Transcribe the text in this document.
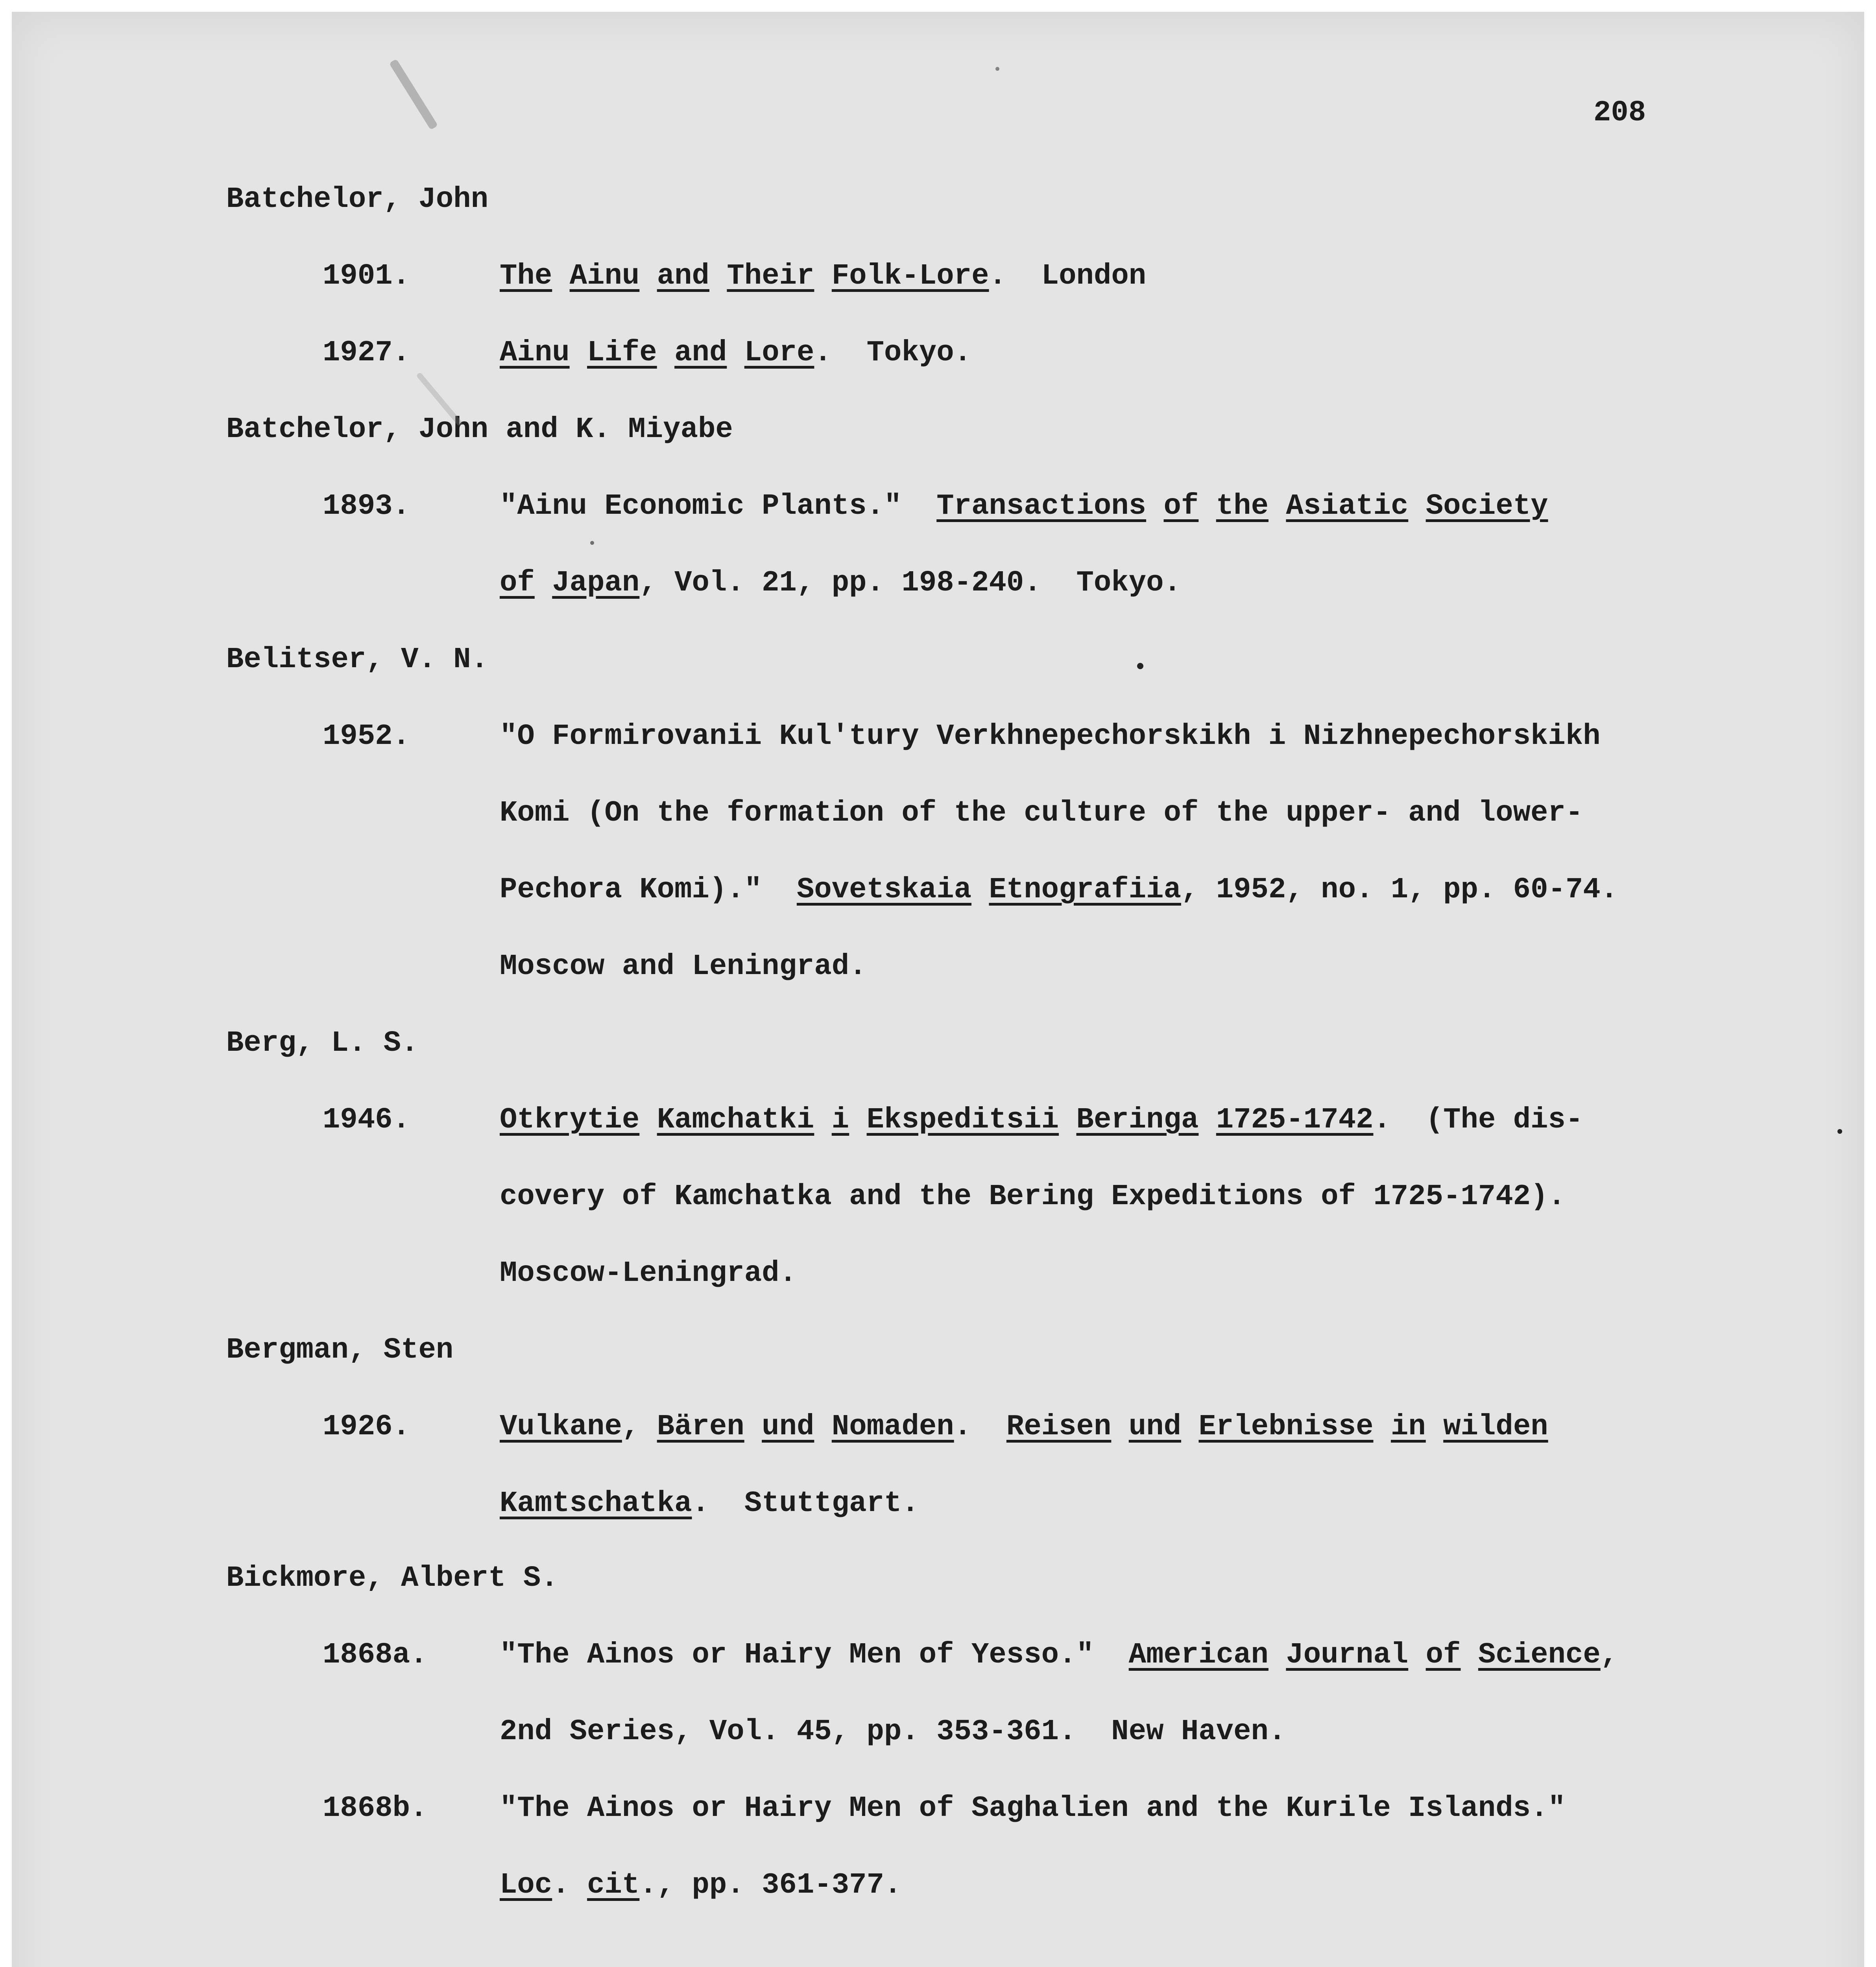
208
Batchelor, John
1901.	The Ainu and Their Folk-Lore.  London
1927.	Ainu Life and Lore.  Tokyo.
Batchelor, John and K. Miyabe
1893.	"Ainu Economic Plants."  Transactions of the Asiatic Society
of Japan, Vol. 21, pp. 198-240.  Tokyo.
Belitser, V. N.
1952.	"O Formirovanii Kul'tury Verkhnepechorskikh i Nizhnepechorskikh
Komi (On the formation of the culture of the upper- and lower-
Pechora Komi)."  Sovetskaia Etnografiia, 1952, no. 1, pp. 60-74.
Moscow and Leningrad.
Berg, L. S.
1946.	Otkrytie Kamchatki i Ekspeditsii Beringa 1725-1742.  (The dis-
covery of Kamchatka and the Bering Expeditions of 1725-1742).
Moscow-Leningrad.
Bergman, Sten
1926.	Vulkane, Bären und Nomaden.  Reisen und Erlebnisse in wilden
Kamtschatka.  Stuttgart.
Bickmore, Albert S.
1868a. "The Ainos or Hairy Men of Yesso."  American Journal of Science,
2nd Series, Vol. 45, pp. 353-361.  New Haven.
1868b. "The Ainos or Hairy Men of Saghalien and the Kurile Islands."
Loc. cit., pp. 361-377.
